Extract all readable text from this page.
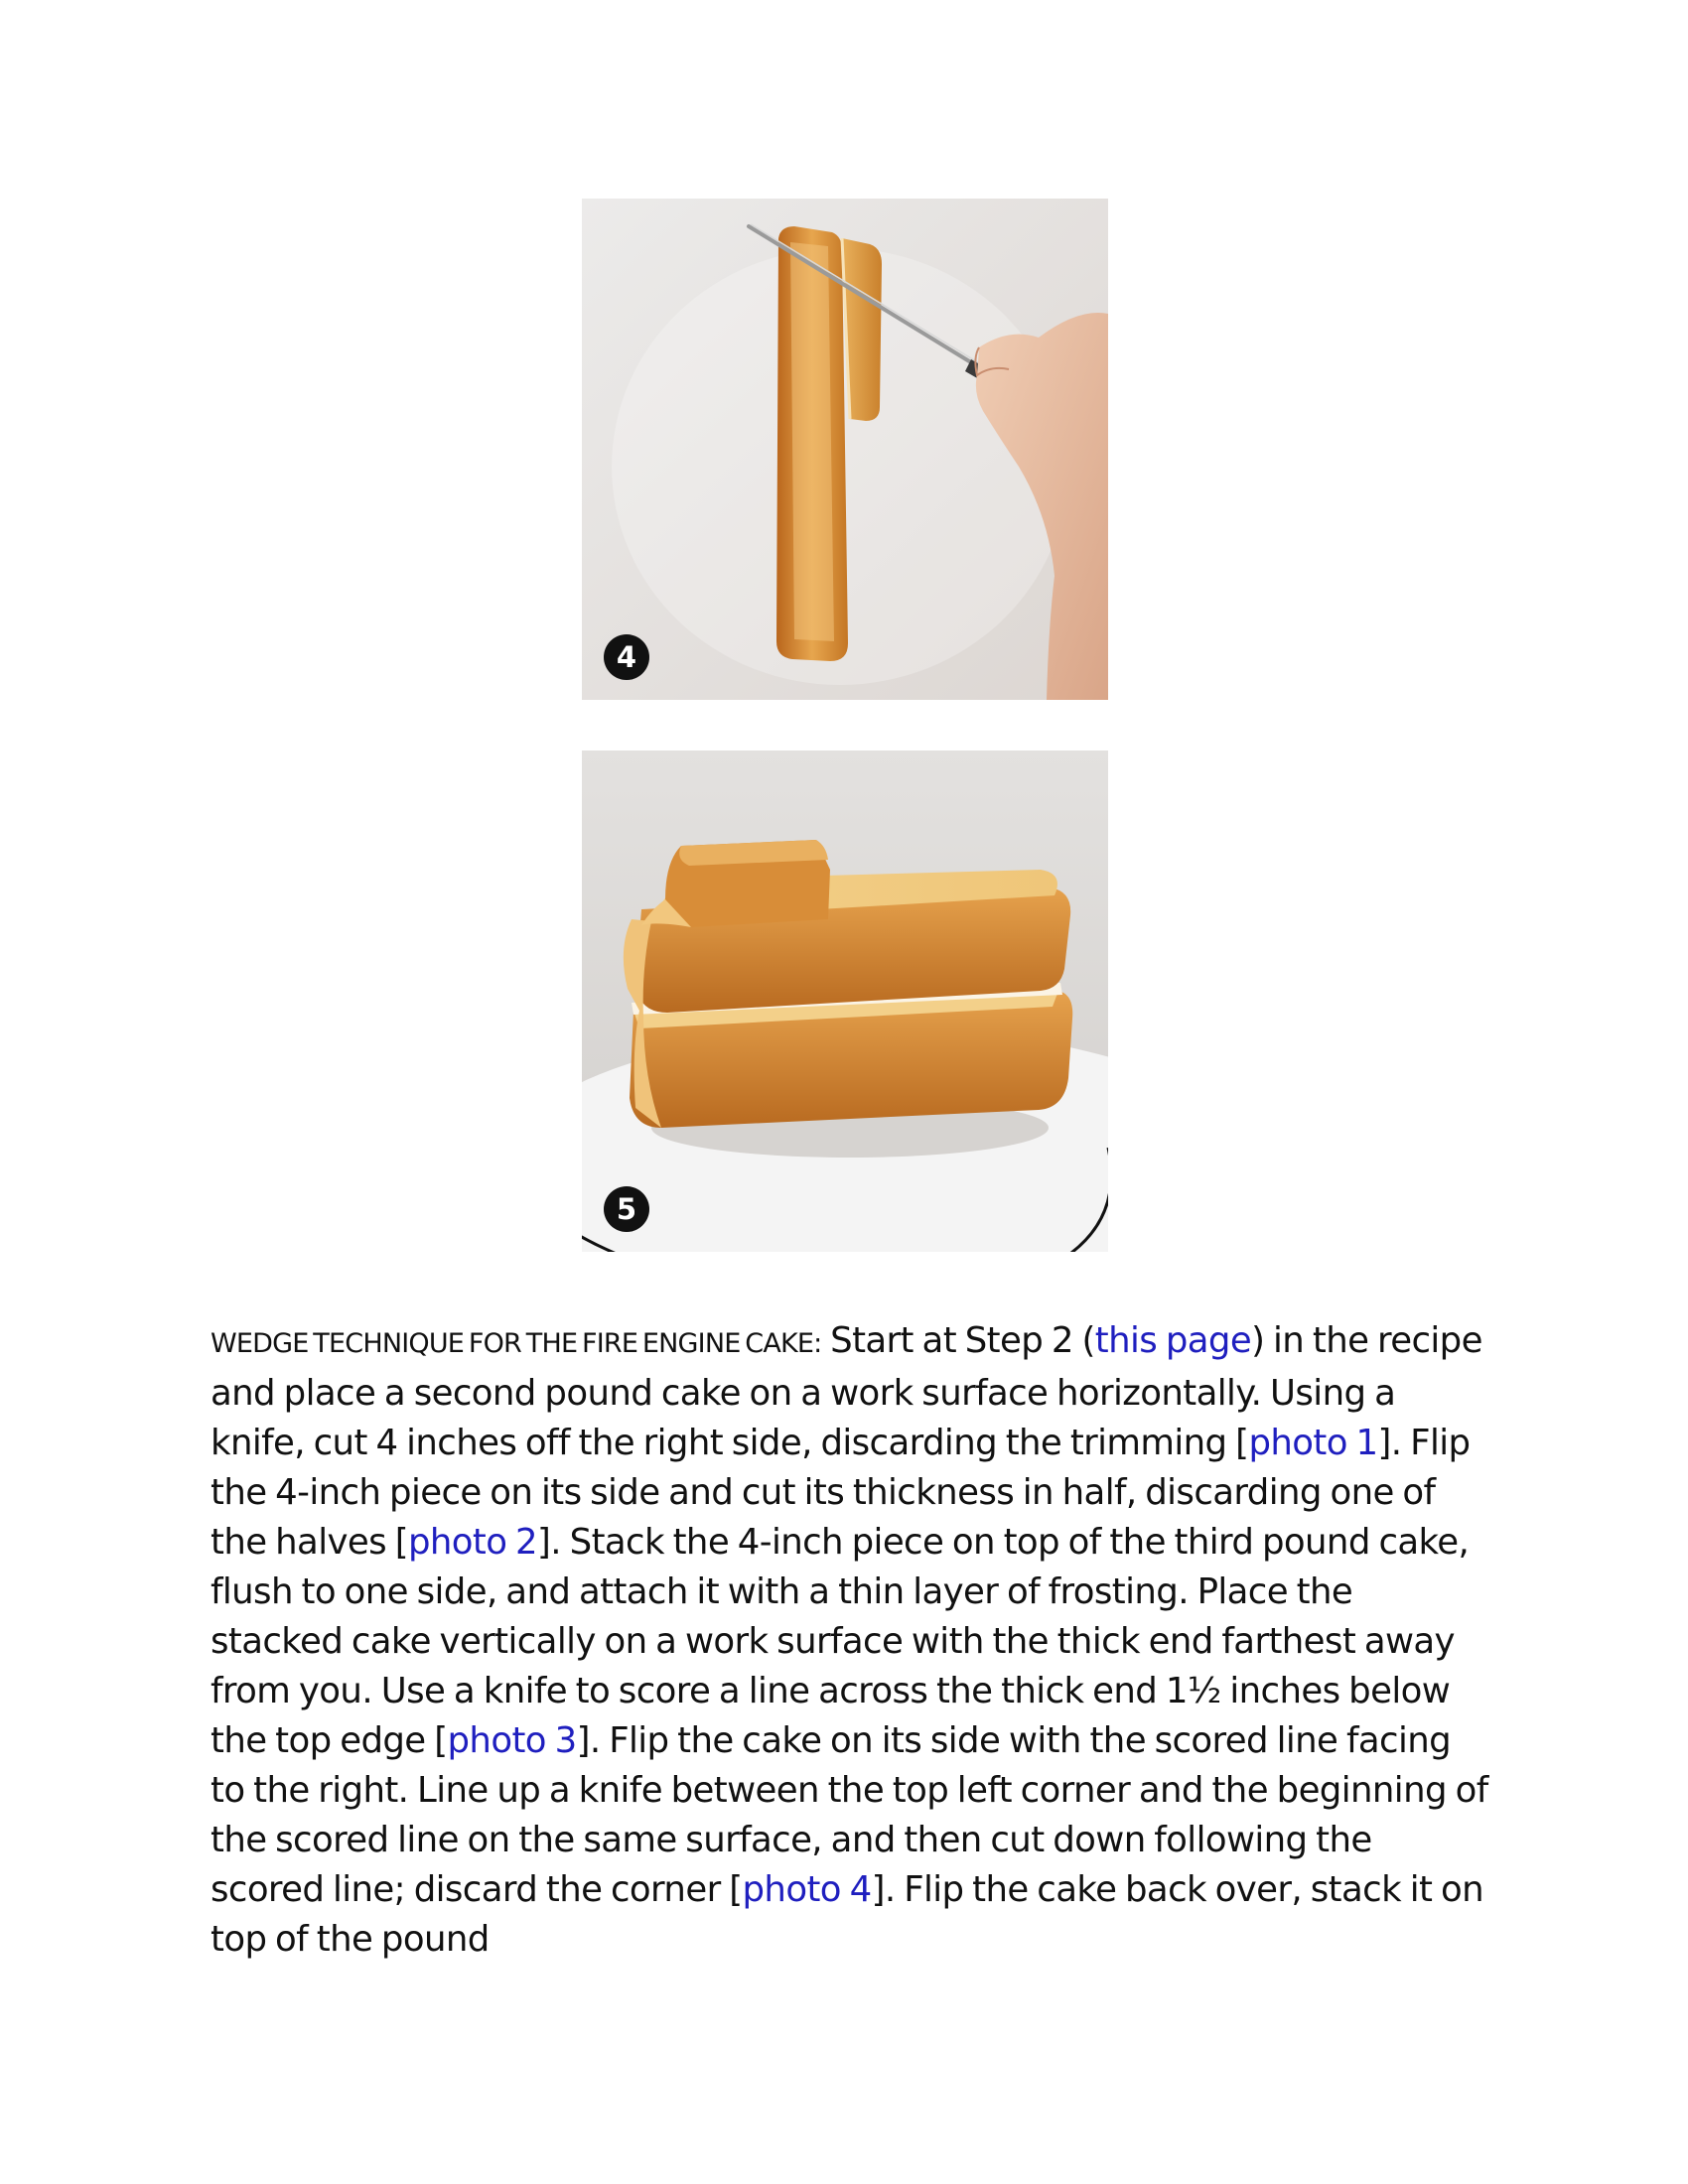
4
5

WEDGE TECHNIQUE FOR THE FIRE ENGINE CAKE: Start at Step 2 (this page) in the recipe and place a second pound cake on a work surface horizontally. Using a knife, cut 4 inches off the right side, discarding the trimming [photo 1]. Flip the 4-inch piece on its side and cut its thickness in half, discarding one of the halves [photo 2]. Stack the 4-inch piece on top of the third pound cake, flush to one side, and attach it with a thin layer of frosting. Place the stacked cake vertically on a work surface with the thick end farthest away from you. Use a knife to score a line across the thick end 1½ inches below the top edge [photo 3]. Flip the cake on its side with the scored line facing to the right. Line up a knife between the top left corner and the beginning of the scored line on the same surface, and then cut down following the scored line; discard the corner [photo 4]. Flip the cake back over, stack it on top of the pound
